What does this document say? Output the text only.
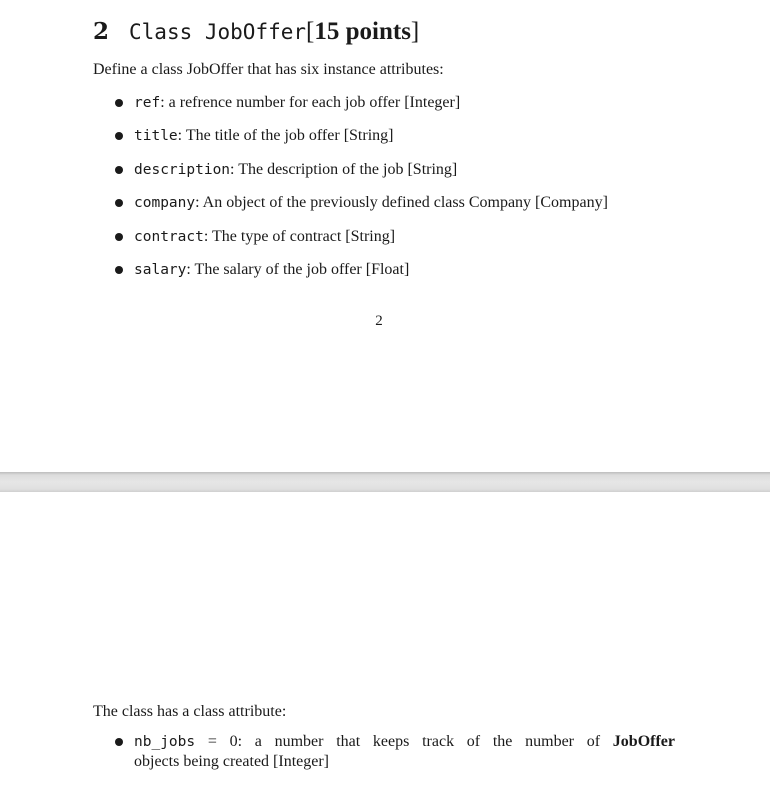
2 Class JobOffer[15 points]

Define a class JobOffer that has six instance attributes:

ref: a refrence number for each job offer [Integer]
title: The title of the job offer [String]
description: The description of the job [String]
company: An object of the previously defined class Company [Company]
contract: The type of contract [String]
salary: The salary of the job offer [Float]
2

The class has a class attribute:

nb_jobs = 0: a number that keeps track of the number of JobOffer
objects being created [Integer]
